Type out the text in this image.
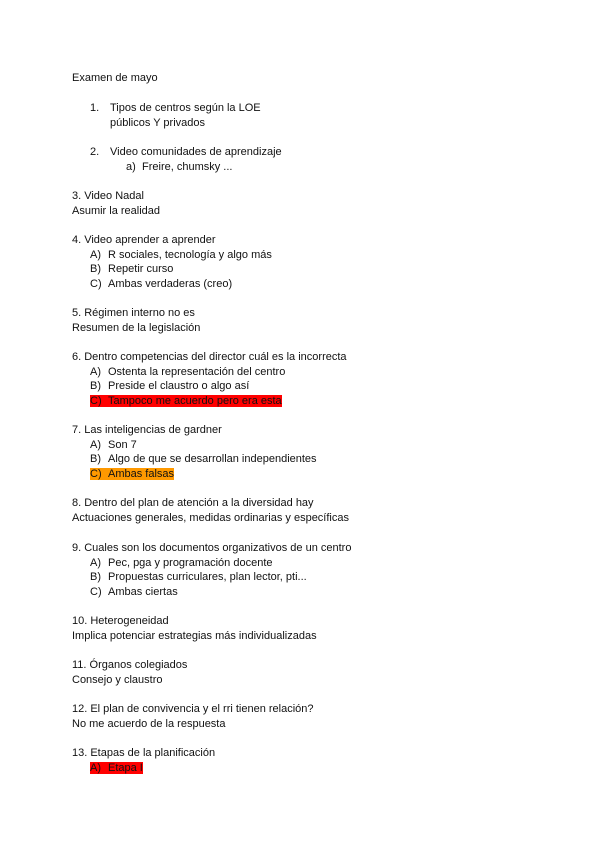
Examen de mayo
1. Tipos de centros según la LOE
públicos Y privados
2. Video comunidades de aprendizaje
a) Freire, chumsky ...
3. Video Nadal
Asumir la realidad
4. Video aprender a aprender
A) R sociales, tecnología y algo más
B) Repetir curso
C) Ambas verdaderas (creo)
5. Régimen interno no es
Resumen de la legislación
6. Dentro competencias del director cuál es la incorrecta
A) Ostenta la representación del centro
B) Preside el claustro o algo así
C) Tampoco me acuerdo pero era esta
7. Las inteligencias de gardner
A) Son 7
B) Algo de que se desarrollan independientes
C) Ambas falsas
8. Dentro del plan de atención a la diversidad hay
Actuaciones generales, medidas ordinarias y específicas
9. Cuales son los documentos organizativos de un centro
A) Pec, pga y programación docente
B) Propuestas curriculares, plan lector, pti...
C) Ambas ciertas
10. Heterogeneidad
Implica potenciar estrategias más individualizadas
11. Órganos colegiados
Consejo y claustro
12. El plan de convivencia y el rri tienen relación?
No me acuerdo de la respuesta
13. Etapas de la planificación
A) Etapa I
